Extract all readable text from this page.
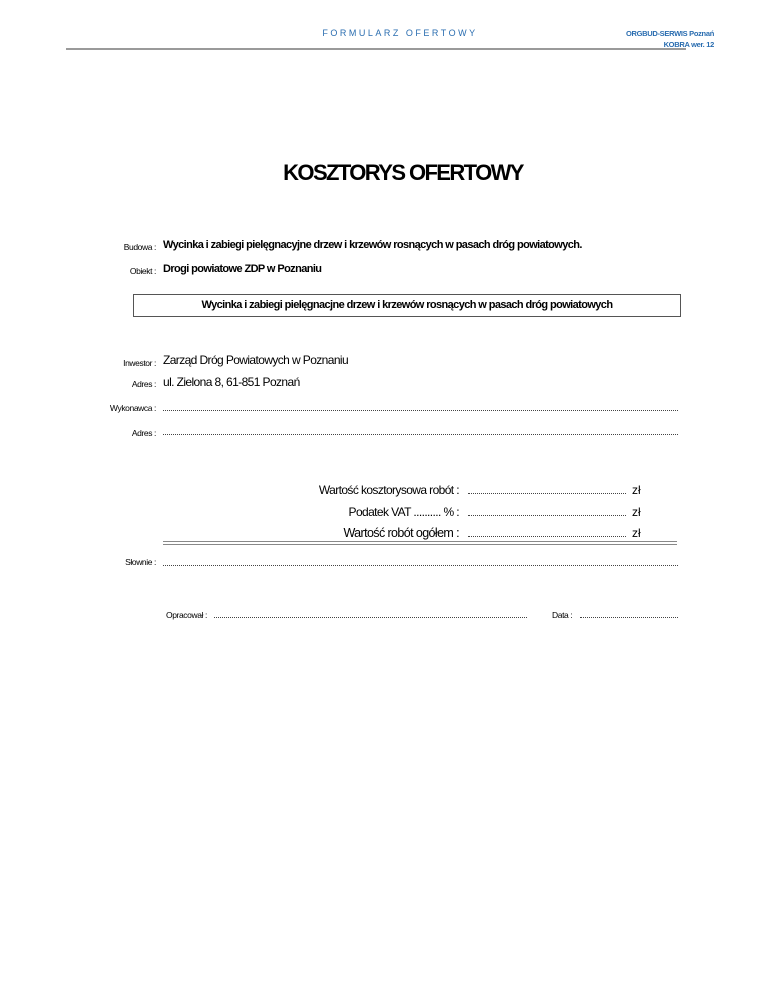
FORMULARZ OFERTOWY	ORGBUD-SERWIS Poznań
KOBRA wer. 12
KOSZTORYS OFERTOWY
Budowa : Wycinka i zabiegi pielęgnacyjne drzew i krzewów rosnących w pasach dróg powiatowych.
Obiekt : Drogi powiatowe ZDP w Poznaniu
Wycinka i zabiegi pielęgnacjne drzew i krzewów rosnących w pasach dróg powiatowych
Inwestor : Zarząd Dróg Powiatowych w Poznaniu
Adres : ul. Zielona 8, 61-851 Poznań
Wykonawca :
Adres :
Wartość kosztorysowa robót :	zł
Podatek VAT .......... % :	zł
Wartość robót ogółem :	zł
Słownie :
Opracował :	Data :
